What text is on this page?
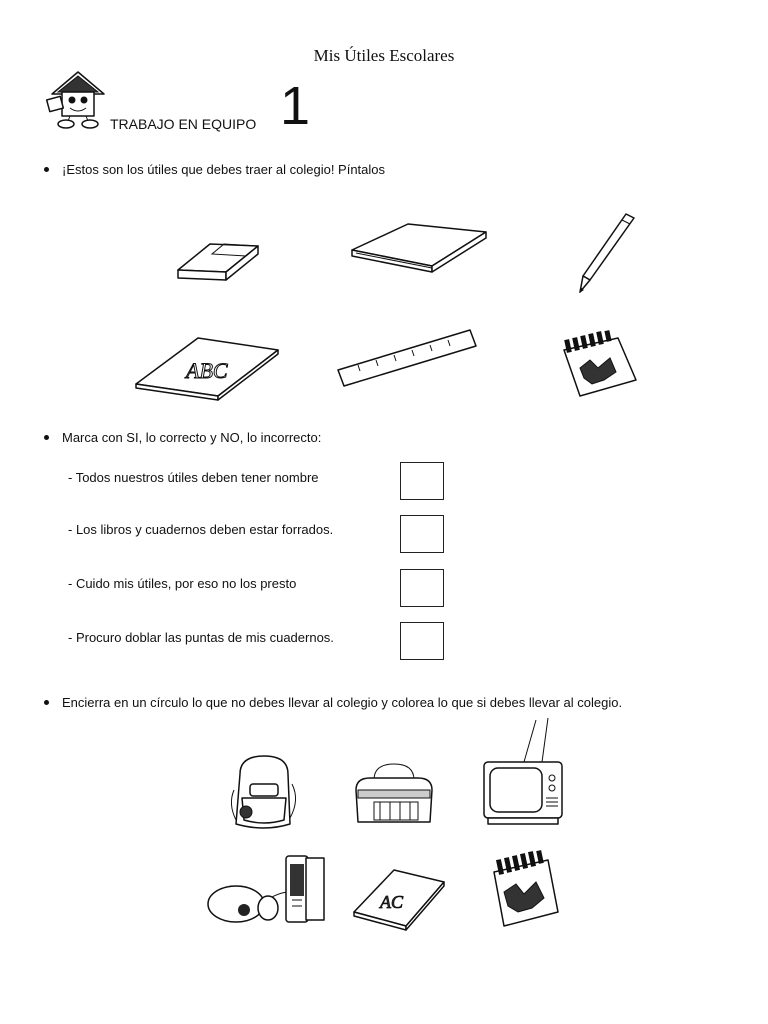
Mis Útiles Escolares
TRABAJO EN EQUIPO 1
¡Estos son los útiles que debes traer al colegio! Píntalos
ABC
Marca con SI, lo correcto y NO, lo incorrecto:
- Todos nuestros útiles deben tener nombre
- Los libros y cuadernos deben estar forrados.
- Cuido mis útiles, por eso no los presto
- Procuro doblar las puntas de mis cuadernos.
Encierra en un círculo lo que no debes llevar al colegio y colorea lo que si debes llevar al colegio.
AC
